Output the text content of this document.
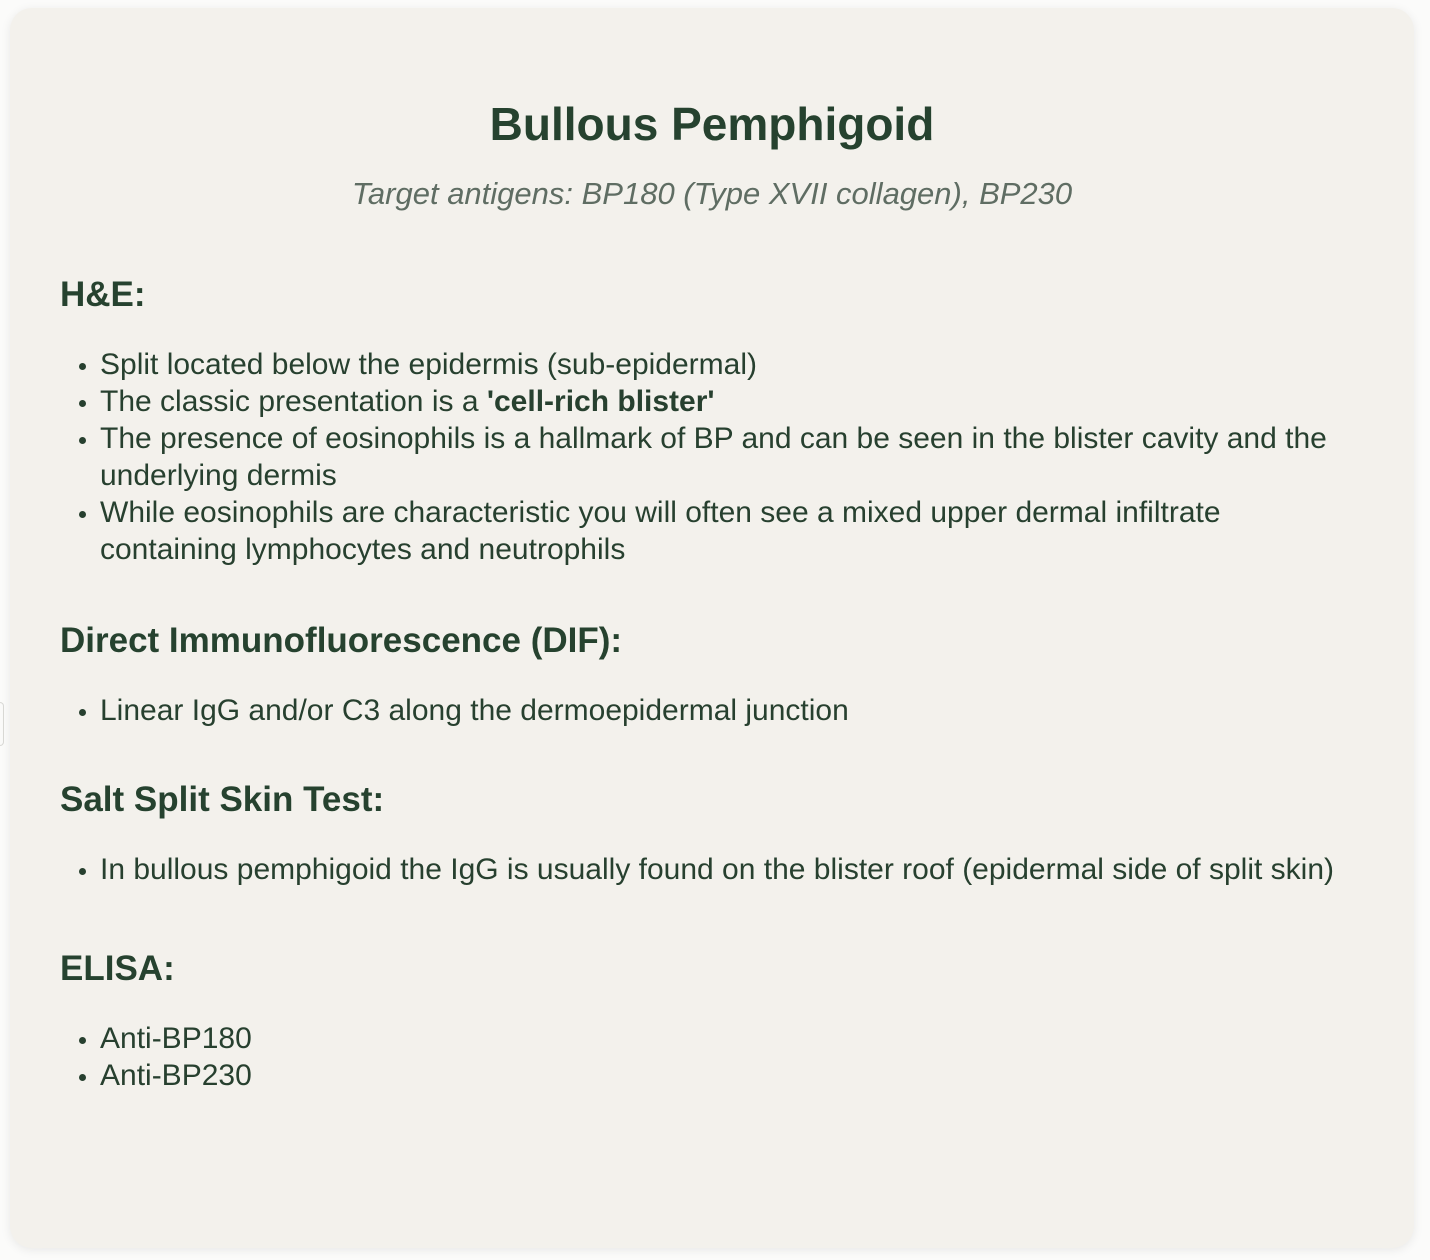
Bullous Pemphigoid

Target antigens: BP180 (Type XVII collagen), BP230

H&E:
• Split located below the epidermis (sub-epidermal)
• The classic presentation is a 'cell-rich blister'
• The presence of eosinophils is a hallmark of BP and can be seen in the blister cavity and the underlying dermis
• While eosinophils are characteristic you will often see a mixed upper dermal infiltrate containing lymphocytes and neutrophils
Direct Immunofluorescence (DIF):
• Linear IgG and/or C3 along the dermoepidermal junction
Salt Split Skin Test:
• In bullous pemphigoid the IgG is usually found on the blister roof (epidermal side of split skin)
ELISA:
• Anti-BP180
• Anti-BP230
